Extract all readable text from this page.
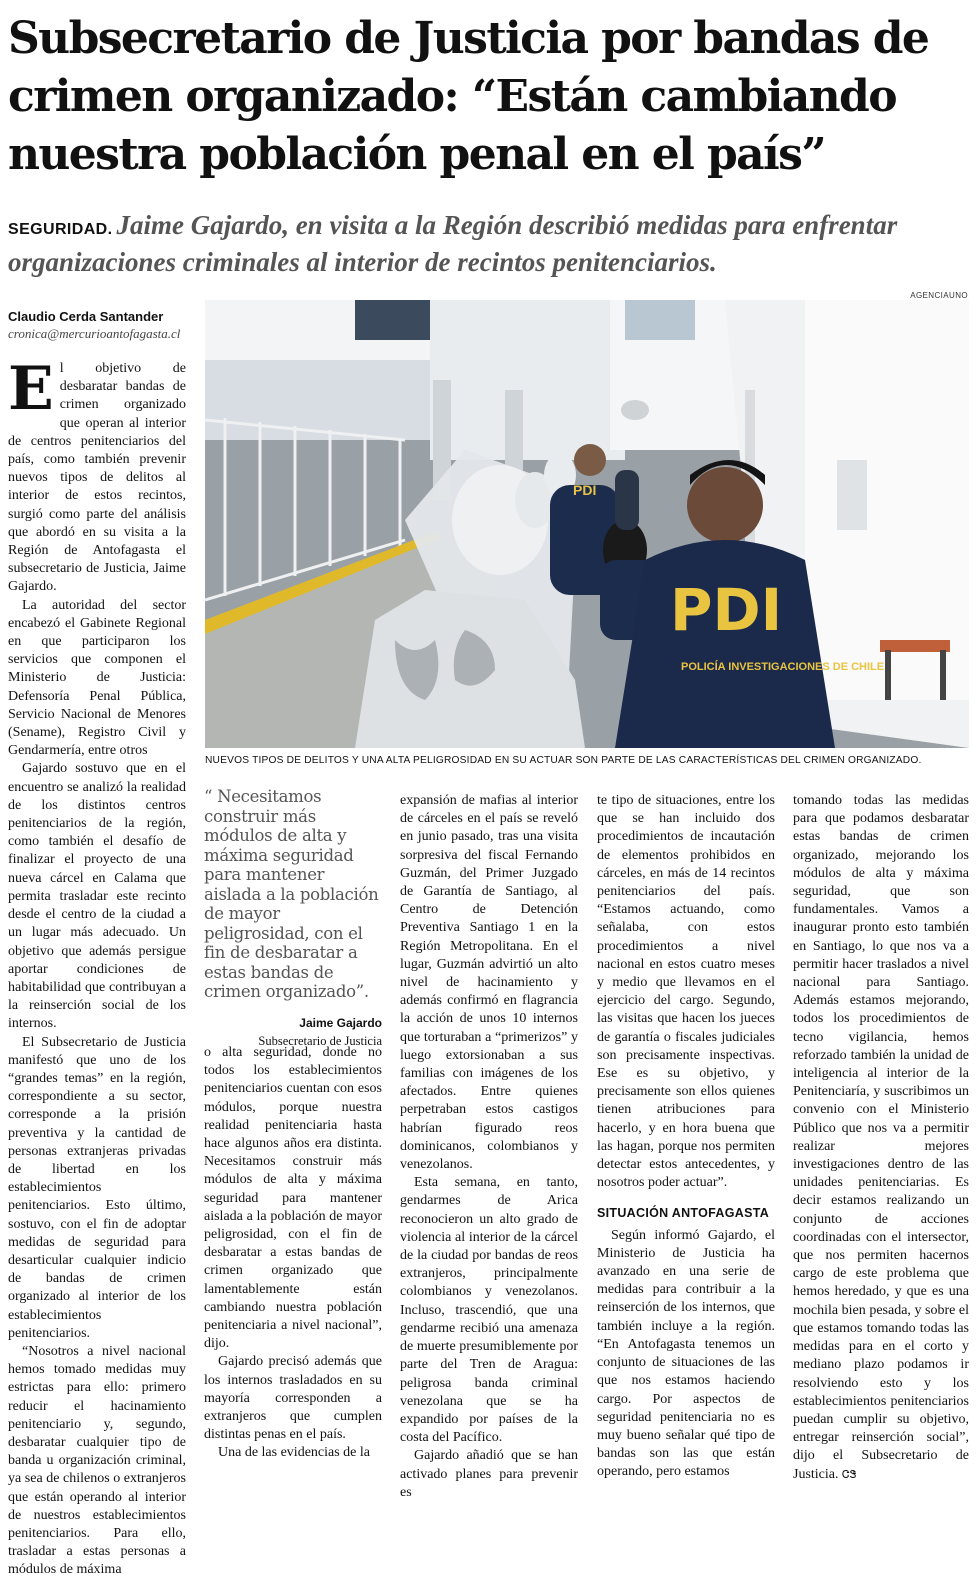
Subsecretario de Justicia por bandas de crimen organizado: “Están cambiando nuestra población penal en el país”
SEGURIDAD. Jaime Gajardo, en visita a la Región describió medidas para enfrentar organizaciones criminales al interior de recintos penitenciarios.
Claudio Cerda Santander
cronica@mercurioantofagasta.cl
AGENCIAUNO
PDI
PDI
POLICÍA INVESTIGACIONES DE CHILE
NUEVOS TIPOS DE DELITOS Y UNA ALTA PELIGROSIDAD EN SU ACTUAR SON PARTE DE LAS CARACTERÍSTICAS DEL CRIMEN ORGANIZADO.

El objetivo de desbaratar bandas de crimen organizado que operan al interior de centros penitenciarios del país, como también prevenir nuevos tipos de delitos al interior de estos recintos, surgió como parte del análisis que abordó en su visita a la Región de Antofagasta el subsecretario de Justicia, Jaime Gajardo.

La autoridad del sector encabezó el Gabinete Regional en que participaron los servicios que componen el Ministerio de Justicia: Defensoría Penal Pública, Servicio Nacional de Menores (Sename), Registro Civil y Gendarmería, entre otros

Gajardo sostuvo que en el encuentro se analizó la realidad de los distintos centros penitenciarios de la región, como también el desafío de finalizar el proyecto de una nueva cárcel en Calama que permita trasladar este recinto desde el centro de la ciudad a un lugar más adecuado. Un objetivo que además persigue aportar condiciones de habitabilidad que contribuyan a la reinserción social de los internos.

El Subsecretario de Justicia manifestó que uno de los “grandes temas” en la región, correspondiente a su sector, corresponde a la prisión preventiva y la cantidad de personas extranjeras privadas de libertad en los establecimientos penitenciarios. Esto último, sostuvo, con el fin de adoptar medidas de seguridad para desarticular cualquier indicio de bandas de crimen organizado al interior de los establecimientos penitenciarios.

“Nosotros a nivel nacional hemos tomado medidas muy estrictas para ello: primero reducir el hacinamiento penitenciario y, segundo, desbaratar cualquier tipo de banda u organización criminal, ya sea de chilenos o extranjeros que están operando al interior de nuestros establecimientos penitenciarios. Para ello, trasladar a estas personas a módulos de máxima

“ Necesitamos construir más módulos de alta y máxima seguridad para mantener aislada a la población de mayor peligrosidad, con el fin de desbaratar a estas bandas de crimen organizado”.
Jaime Gajardo
Subsecretario de Justicia

o alta seguridad, donde no todos los establecimientos penitenciarios cuentan con esos módulos, porque nuestra realidad penitenciaria hasta hace algunos años era distinta. Necesitamos construir más módulos de alta y máxima seguridad para mantener aislada a la población de mayor peligrosidad, con el fin de desbaratar a estas bandas de crimen organizado que lamentablemente están cambiando nuestra población penitenciaria a nivel nacional”, dijo.

Gajardo precisó además que los internos trasladados en su mayoría corresponden a extranjeros que cumplen distintas penas en el país.

Una de las evidencias de la

expansión de mafias al interior de cárceles en el país se reveló en junio pasado, tras una visita sorpresiva del fiscal Fernando Guzmán, del Primer Juzgado de Garantía de Santiago, al Centro de Detención Preventiva Santiago 1 en la Región Metropolitana. En el lugar, Guzmán advirtió un alto nivel de hacinamiento y además confirmó en flagrancia la acción de unos 10 internos que torturaban a “primerizos” y luego extorsionaban a sus familias con imágenes de los afectados. Entre quienes perpetraban estos castigos habrían figurado reos dominicanos, colombianos y venezolanos.

Esta semana, en tanto, gendarmes de Arica reconocieron un alto grado de violencia al interior de la cárcel de la ciudad por bandas de reos extranjeros, principalmente colombianos y venezolanos. Incluso, trascendió, que una gendarme recibió una amenaza de muerte presumiblemente por parte del Tren de Aragua: peligrosa banda criminal venezolana que se ha expandido por países de la costa del Pacífico.

Gajardo añadió que se han activado planes para prevenir es

te tipo de situaciones, entre los que se han incluido dos procedimientos de incautación de elementos prohibidos en cárceles, en más de 14 recintos penitenciarios del país. “Estamos actuando, como señalaba, con estos procedimientos a nivel nacional en estos cuatro meses y medio que llevamos en el ejercicio del cargo. Segundo, las visitas que hacen los jueces de garantía o fiscales judiciales son precisamente inspectivas. Ese es su objetivo, y precisamente son ellos quienes tienen atribuciones para hacerlo, y en hora buena que las hagan, porque nos permiten detectar estos antecedentes, y nosotros poder actuar”.

SITUACIÓN ANTOFAGASTA

Según informó Gajardo, el Ministerio de Justicia ha avanzado en una serie de medidas para contribuir a la reinserción de los internos, que también incluye a la región. “En Antofagasta tenemos un conjunto de situaciones de las que nos estamos haciendo cargo. Por aspectos de seguridad penitenciaria no es muy bueno señalar qué tipo de bandas son las que están operando, pero estamos

tomando todas las medidas para que podamos desbaratar estas bandas de crimen organizado, mejorando los módulos de alta y máxima seguridad, que son fundamentales. Vamos a inaugurar pronto esto también en Santiago, lo que nos va a permitir hacer traslados a nivel nacional para Santiago. Además estamos mejorando, todos los procedimientos de tecno vigilancia, hemos reforzado también la unidad de inteligencia al interior de la Penitenciaría, y suscribimos un convenio con el Ministerio Público que nos va a permitir realizar mejores investigaciones dentro de las unidades penitenciarias. Es decir estamos realizando un conjunto de acciones coordinadas con el intersector, que nos permiten hacernos cargo de este problema que hemos heredado, y que es una mochila bien pesada, y sobre el que estamos tomando todas las medidas para en el corto y mediano plazo podamos ir resolviendo esto y los establecimientos penitenciarios puedan cumplir su objetivo, entregar reinserción social”, dijo el Subsecretario de Justicia. ᏣᏕ
